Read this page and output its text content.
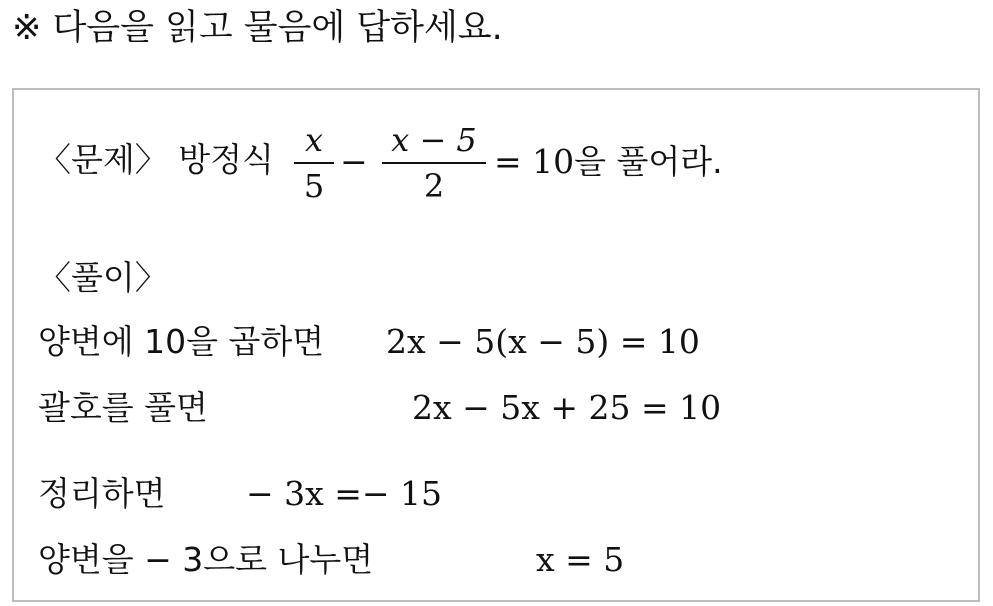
※ 다음을 읽고 물음에 답하세요.
〈문제〉 방정식 x
5
−
x − 5
2
= 10을 풀어라.
〈풀이〉
양변에 10을 곱하면 2x − 5(x − 5) = 10
괄호를 풀면	2x − 5x + 25 = 10
정리하면 − 3x =− 15
양변을 − 3으로 나누면	x = 5
